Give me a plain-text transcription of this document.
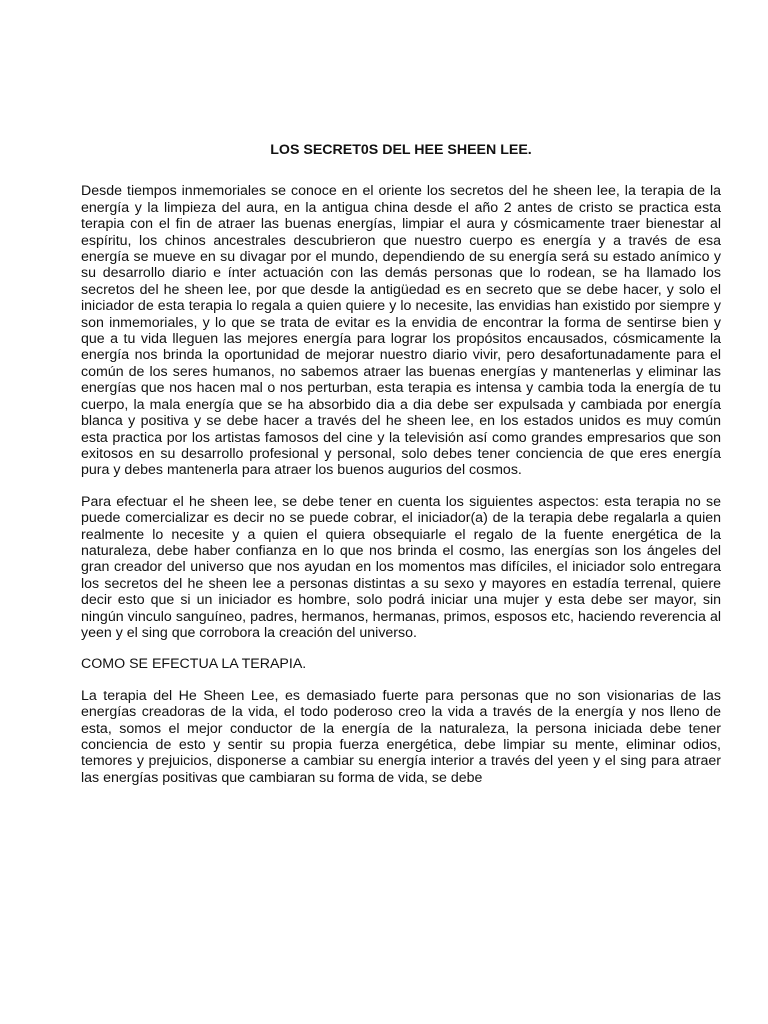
LOS SECRET0S DEL HEE SHEEN LEE.
Desde tiempos inmemoriales se conoce en el oriente los secretos del he sheen lee, la terapia de la energía y la limpieza del aura, en la antigua china desde el año 2 antes de cristo se practica esta terapia con el fin de atraer las buenas energías, limpiar el aura y cósmicamente traer bienestar al espíritu, los chinos ancestrales descubrieron que nuestro cuerpo es energía y a través de esa energía se mueve en su divagar por el mundo, dependiendo de su energía será su estado anímico y su desarrollo diario e ínter actuación con las demás personas que lo rodean, se ha llamado los secretos del he sheen lee, por que desde la antigüedad es en secreto que se debe hacer, y solo el iniciador de esta terapia lo regala a quien quiere y lo necesite, las envidias han existido por siempre y son inmemoriales, y lo que se trata de evitar es la envidia de encontrar la forma de sentirse bien y que a tu vida lleguen las mejores energía para lograr los propósitos encausados, cósmicamente la energía nos brinda la oportunidad de mejorar nuestro diario vivir, pero desafortunadamente para el común de los seres humanos, no sabemos atraer las buenas energías y mantenerlas y eliminar las energías que nos hacen mal o nos perturban, esta terapia es intensa y cambia toda la energía de tu cuerpo, la mala energía que se ha absorbido dia a dia debe ser expulsada y cambiada por energía blanca y positiva y se debe hacer a través del he sheen lee, en los estados unidos es muy común esta practica por los artistas famosos del cine y la televisión así como grandes empresarios que son exitosos en su desarrollo profesional y personal, solo debes tener conciencia de que eres energía pura y debes mantenerla para atraer los buenos augurios del cosmos.
Para efectuar el he sheen lee, se debe tener en cuenta los siguientes aspectos: esta terapia no se puede comercializar es decir no se puede cobrar, el iniciador(a) de la terapia debe regalarla a quien realmente lo necesite y a quien el quiera obsequiarle el regalo de la fuente energética de la naturaleza, debe haber confianza en lo que nos brinda el cosmo, las energías son los ángeles del gran creador del universo que nos ayudan en los momentos mas difíciles, el iniciador solo entregara los secretos del he sheen lee a personas distintas a su sexo y mayores en estadía terrenal, quiere decir esto que si un iniciador es hombre, solo podrá iniciar una mujer y esta debe ser mayor, sin ningún vinculo sanguíneo, padres, hermanos, hermanas, primos, esposos etc, haciendo reverencia al yeen y el sing que corrobora la creación del universo.
COMO SE EFECTUA LA TERAPIA.
La terapia del He Sheen Lee, es demasiado fuerte para personas que no son visionarias de las energías creadoras de la vida, el todo poderoso creo la vida a través de la energía y nos lleno de esta, somos el mejor conductor de la energía de la naturaleza, la persona iniciada debe tener conciencia de esto y sentir su propia fuerza energética, debe limpiar su mente, eliminar odios, temores y prejuicios, disponerse a cambiar su energía interior a través del yeen y el sing para atraer las energías positivas que cambiaran su forma de vida, se debe
